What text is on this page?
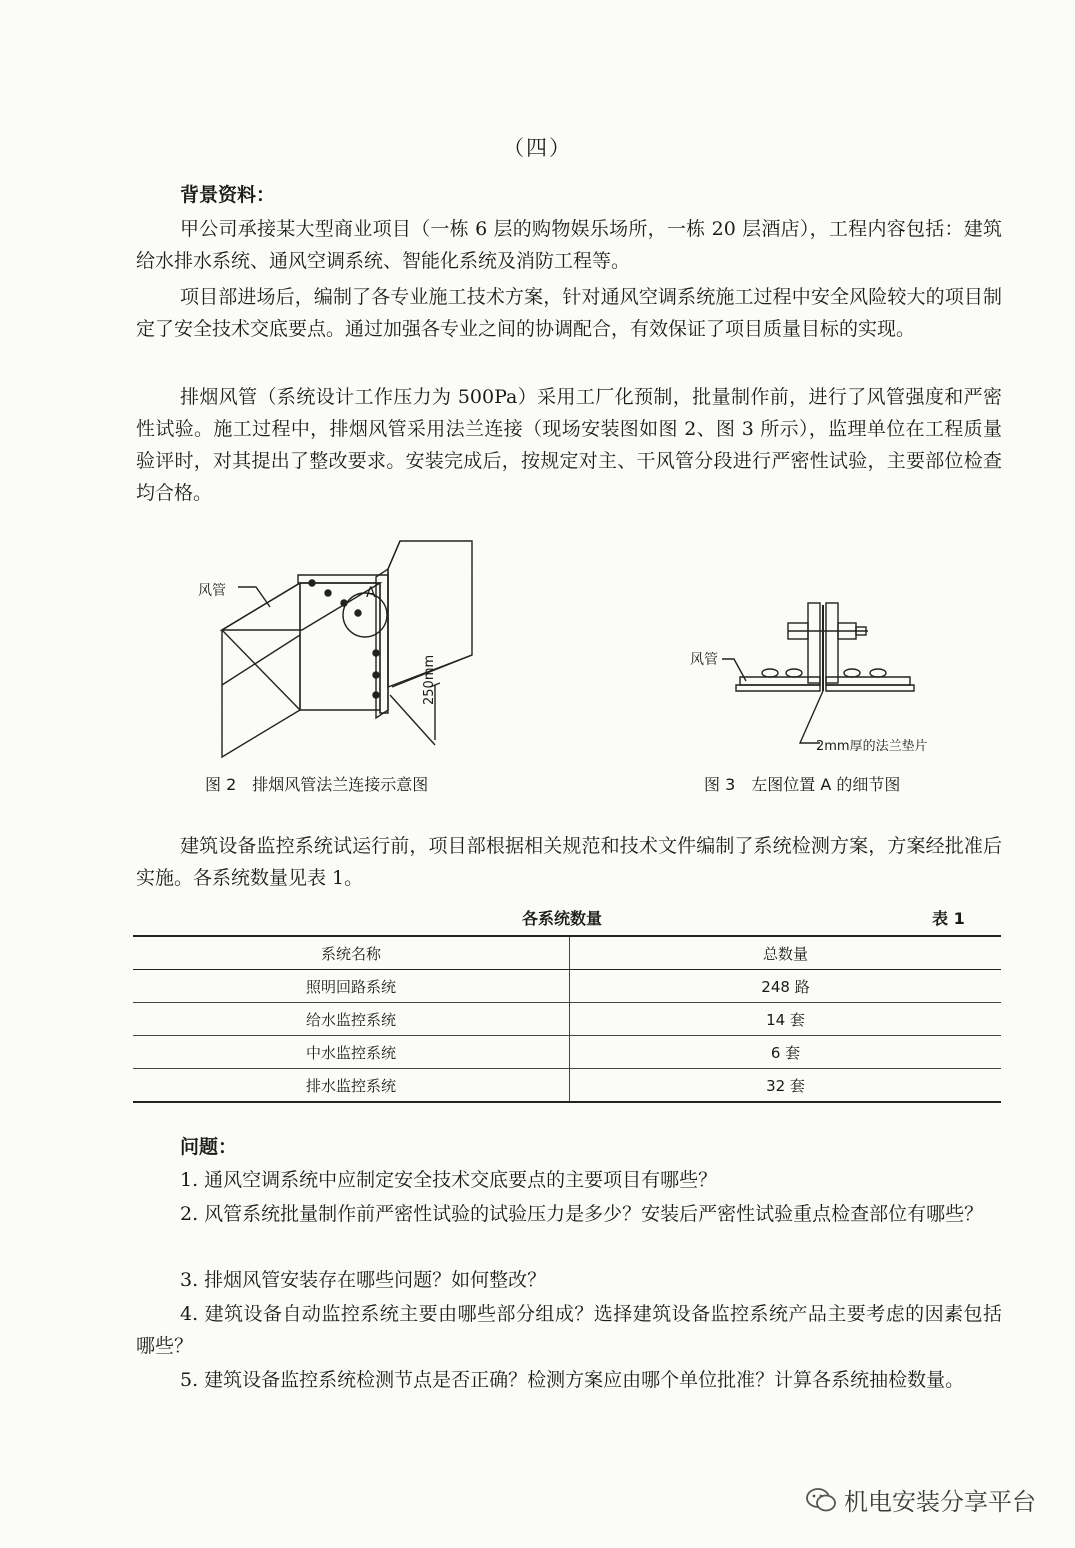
（四）
背景资料：
甲公司承接某大型商业项目（一栋 6 层的购物娱乐场所，一栋 20 层酒店），工程内容包括：建筑给水排水系统、通风空调系统、智能化系统及消防工程等。
项目部进场后，编制了各专业施工技术方案，针对通风空调系统施工过程中安全风险较大的项目制定了安全技术交底要点。通过加强各专业之间的协调配合，有效保证了项目质量目标的实现。
排烟风管（系统设计工作压力为 500Pa）采用工厂化预制，批量制作前，进行了风管强度和严密性试验。施工过程中，排烟风管采用法兰连接（现场安装图如图 2、图 3 所示），监理单位在工程质量验评时，对其提出了整改要求。安装完成后，按规定对主、干风管分段进行严密性试验，主要部位检查均合格。
风管	A
250mm
图 2　排烟风管法兰连接示意图
风管
2mm厚的法兰垫片
图 3　左图位置 A 的细节图
建筑设备监控系统试运行前，项目部根据相关规范和技术文件编制了系统检测方案，方案经批准后实施。各系统数量见表 1。
各系统数量	表 1
系统名称	总数量
照明回路系统	248 路
给水监控系统	14 套
中水监控系统	6 套
排水监控系统	32 套
问题：
1. 通风空调系统中应制定安全技术交底要点的主要项目有哪些？
2. 风管系统批量制作前严密性试验的试验压力是多少？安装后严密性试验重点检查部位有哪些？
3. 排烟风管安装存在哪些问题？如何整改？
4. 建筑设备自动监控系统主要由哪些部分组成？选择建筑设备监控系统产品主要考虑的因素包括哪些？
5. 建筑设备监控系统检测节点是否正确？检测方案应由哪个单位批准？计算各系统抽检数量。
机电安装分享平台
